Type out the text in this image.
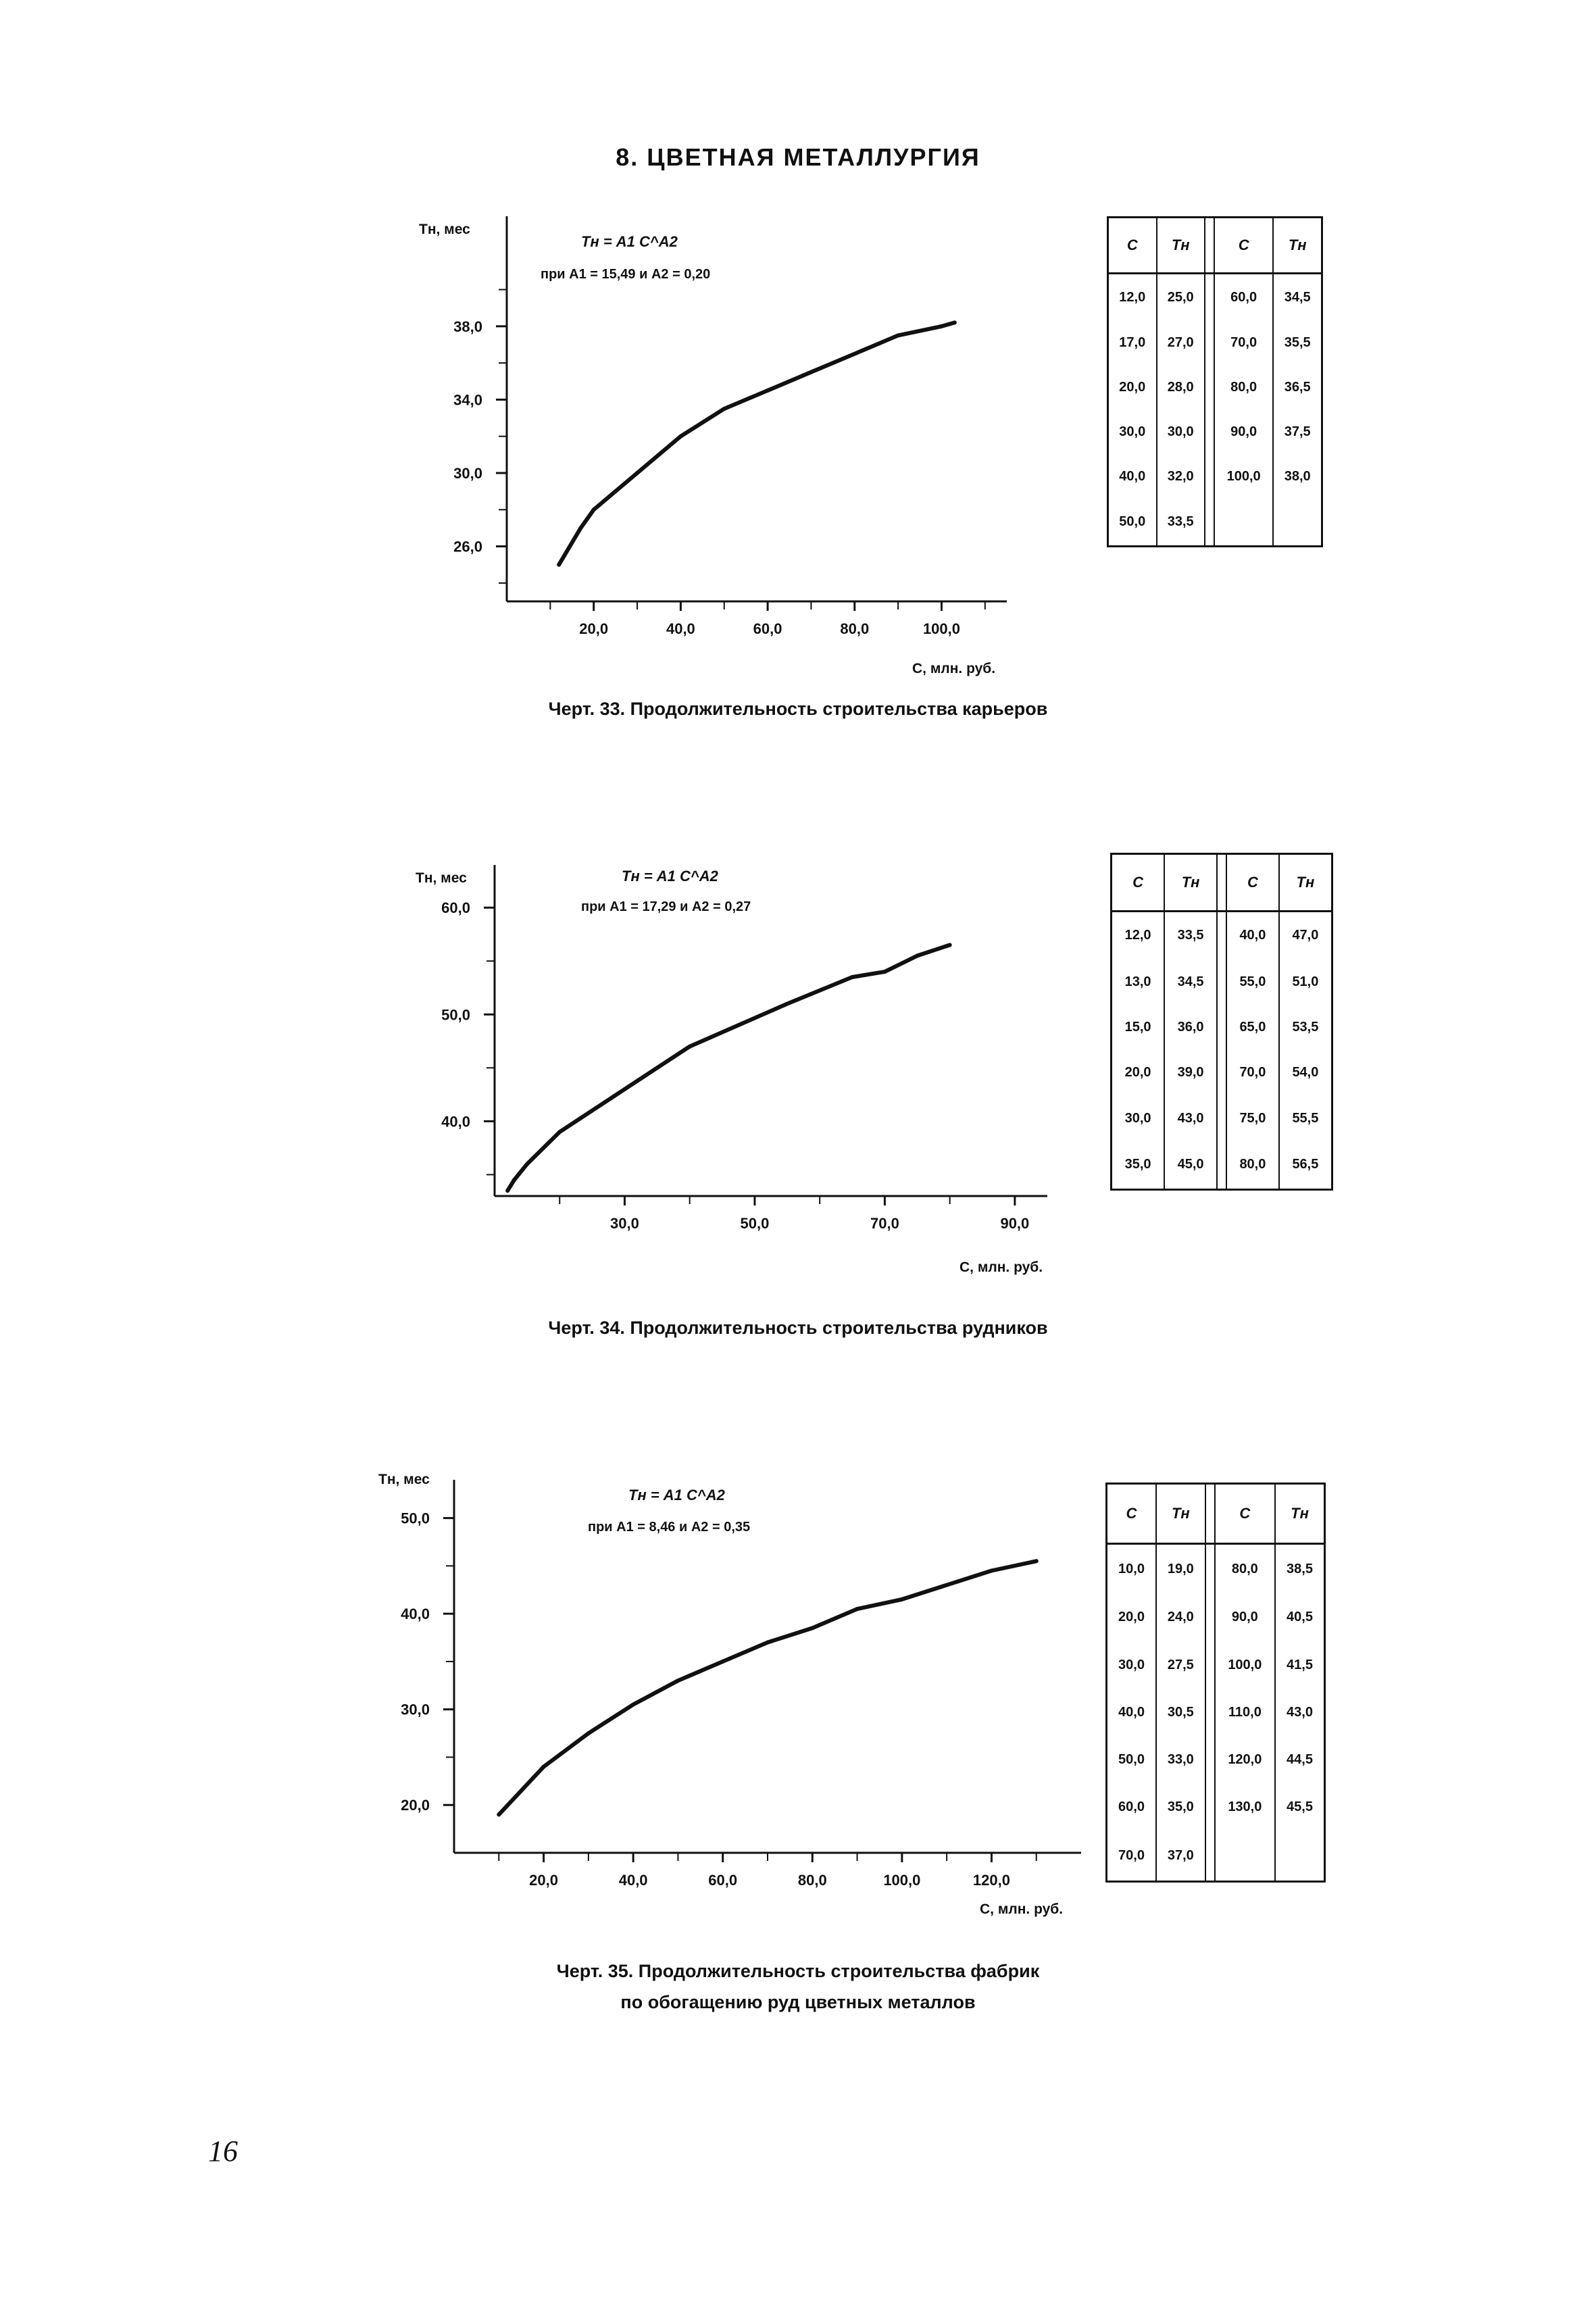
8. ЦВЕТНАЯ МЕТАЛЛУРГИЯ
26,0
30,0
34,0
38,0
20,0	40,0	60,0	80,0	100,0
Tн, мес
C, млн. руб.
Tн = A1 C^A2
при A1 = 15,49 и A2 = 0,20
C	Tн		C	Tн
12,0	25,0		60,0	34,5
17,0	27,0		70,0	35,5
20,0	28,0		80,0	36,5
30,0	30,0		90,0	37,5
40,0	32,0		100,0	38,0
50,0	33,5			
Черт. 33. Продолжительность строительства карьеров
40,0
50,0
60,0
30,0	50,0	70,0	90,0
Tн, мес
C, млн. руб.
Tн = A1 C^A2
при A1 = 17,29 и A2 = 0,27
C	Tн		C	Tн
12,0	33,5		40,0	47,0
13,0	34,5		55,0	51,0
15,0	36,0		65,0	53,5
20,0	39,0		70,0	54,0
30,0	43,0		75,0	55,5
35,0	45,0		80,0	56,5
Черт. 34. Продолжительность строительства рудников
20,0
30,0
40,0
50,0
20,0	40,0	60,0	80,0	100,0	120,0
Tн, мес
C, млн. руб.
Tн = A1 C^A2
при A1 = 8,46 и A2 = 0,35
C	Tн		C	Tн
10,0	19,0		80,0	38,5
20,0	24,0		90,0	40,5
30,0	27,5		100,0	41,5
40,0	30,5		110,0	43,0
50,0	33,0		120,0	44,5
60,0	35,0		130,0	45,5
70,0	37,0			
Черт. 35. Продолжительность строительства фабрик
по обогащению руд цветных металлов
16
